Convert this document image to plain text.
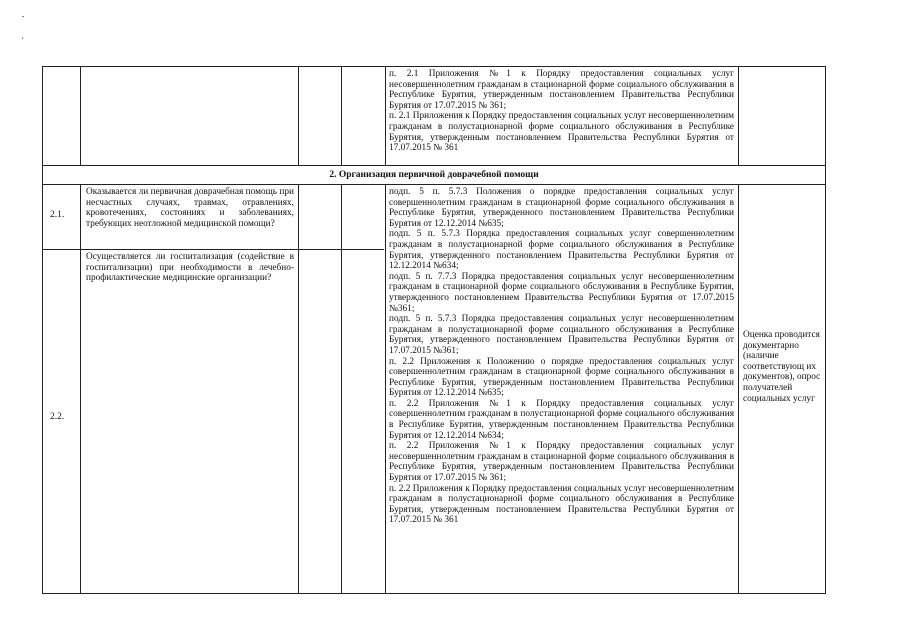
п. 2.1 Приложения №1 к Порядку предоставления социальных услуг несовершеннолетним гражданам в стационарной форме социального обслуживания в Республике Бурятия, утвержденным постановлением Правительства Республики Бурятия от 17.07.2015 № 361;

п. 2.1 Приложения к Порядку предоставления социальных услуг несовершеннолетним гражданам в полустационарной форме социального обслуживания в Республике Бурятия, утвержденным постановлением Правительства Республики Бурятия от 17.07.2015 № 361

2. Организация первичной доврачебной помощи
2.1.
Оказывается ли первичная доврачебная помощь при несчастных случаях, травмах, отравлениях, кровотечениях, состояниях и заболеваниях, требующих неотложной медицинской помощи?
2.2.
Осуществляется ли госпитализация (содействие в госпитализации) при необходимости в лечебно-профилактические медицинские организации?

подп. 5 п. 5.7.3 Положения о порядке предоставления социальных услуг совершеннолетним гражданам в стационарной форме социального обслуживания в Республике Бурятия, утвержденного постановлением Правительства Республики Бурятия от 12.12.2014 №635;

подп. 5 п. 5.7.3 Порядка предоставления социальных услуг совершеннолетним гражданам в полустационарной форме социального обслуживания в Республике Бурятия, утвержденного постановлением Правительства Республики Бурятия от 12.12.2014 №634;

подп. 5 п. 7.7.3 Порядка предоставления социальных услуг несовершеннолетним гражданам в стационарной форме социального обслуживания в Республике Бурятия, утвержденного постановлением Правительства Республики Бурятия от 17.07.2015 №361;

подп. 5 п. 5.7.3 Порядка предоставления социальных услуг несовершеннолетним гражданам в полустационарной форме социального обслуживания в Республике Бурятия, утвержденного постановлением Правительства Республики Бурятия от 17.07.2015 №361;

п. 2.2 Приложения к Положению о порядке предоставления социальных услуг совершеннолетним гражданам в стационарной форме социального обслуживания в Республике Бурятия, утвержденным постановлением Правительства Республики Бурятия от 12.12.2014 №635;

п. 2.2 Приложения №1 к Порядку предоставления социальных услуг совершеннолетним гражданам в полустационарной форме социального обслуживания в Республике Бурятия, утвержденным постановлением Правительства Республики Бурятия от 12.12.2014 №634;

п. 2.2 Приложения №1 к Порядку предоставления социальных услуг несовершеннолетним гражданам в стационарной форме социального обслуживания в Республике Бурятия, утвержденным постановлением Правительства Республики Бурятия от 17.07.2015 № 361;

п. 2.2 Приложения к Порядку предоставления социальных услуг несовершеннолетним гражданам в полустационарной форме социального обслуживания в Республике Бурятия, утвержденным постановлением Правительства Республики Бурятия от 17.07.2015 № 361

Оценка проводится документарно (наличие соответствующ их документов), опрос получателей социальных услуг
